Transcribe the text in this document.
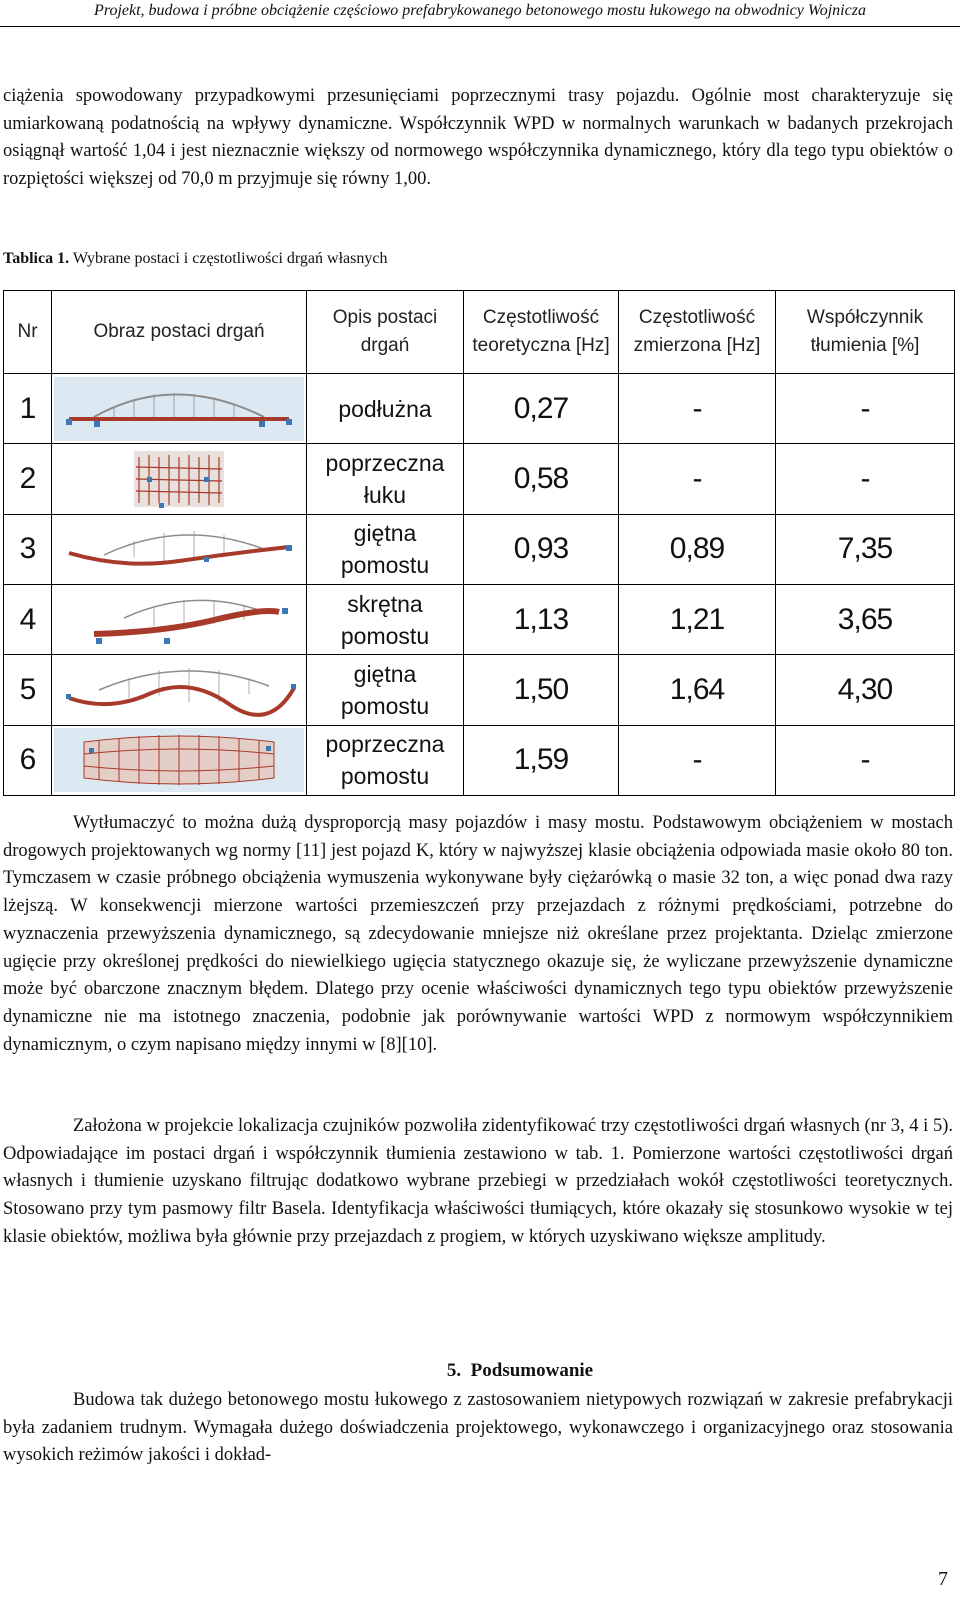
Projekt, budowa i próbne obciążenie częściowo prefabrykowanego betonowego mostu łukowego na obwodnicy Wojnicza

ciążenia spowodowany przypadkowymi przesunięciami poprzecznymi trasy pojazdu. Ogólnie most charakteryzuje się umiarkowaną podatnością na wpływy dynamiczne. Współczynnik WPD w normalnych warunkach w badanych przekrojach osiągnął wartość 1,04 i jest nieznacznie większy od normowego współczynnika dynamicznego, który dla tego typu obiektów o rozpiętości większej od 70,0 m przyjmuje się równy 1,00.

Tablica 1. Wybrane postaci i częstotliwości drgań własnych
Nr	Obraz postaci drgań	Opis postaci drgań	Częstotliwość teoretyczna [Hz]	Częstotliwość zmierzona [Hz]	Współczynnik tłumienia [%]
1		podłużna	0,27	-	-
2		poprzeczna łuku	0,58	-	-
3		giętna pomostu	0,93	0,89	7,35
4		skrętna pomostu	1,13	1,21	3,65
5		giętna pomostu	1,50	1,64	4,30
6		poprzeczna pomostu	1,59	-	-

Wytłumaczyć to można dużą dysproporcją masy pojazdów i masy mostu. Podstawowym obciążeniem w mostach drogowych projektowanych wg normy [11] jest pojazd K, który w najwyższej klasie obciążenia odpowiada masie około 80 ton. Tymczasem w czasie próbnego obciążenia wymuszenia wykonywane były ciężarówką o masie 32 ton, a więc ponad dwa razy lżejszą. W konsekwencji mierzone wartości przemieszczeń przy przejazdach z różnymi prędkościami, potrzebne do wyznaczenia przewyższenia dynamicznego, są zdecydowanie mniejsze niż określane przez projektanta. Dzieląc zmierzone ugięcie przy określonej prędkości do niewielkiego ugięcia statycznego okazuje się, że wyliczane przewyższenie dynamiczne może być obarczone znacznym błędem. Dlatego przy ocenie właściwości dynamicznych tego typu obiektów przewyższenie dynamiczne nie ma istotnego znaczenia, podobnie jak porównywanie wartości WPD z normowym współczynnikiem dynamicznym, o czym napisano między innymi w [8][10].

Założona w projekcie lokalizacja czujników pozwoliła zidentyfikować trzy częstotliwości drgań własnych (nr 3, 4 i 5). Odpowiadające im postaci drgań i współczynnik tłumienia zestawiono w tab. 1. Pomierzone wartości częstotliwości drgań własnych i tłumienie uzyskano filtrując dodatkowo wybrane przebiegi w przedziałach wokół częstotliwości teoretycznych. Stosowano przy tym pasmowy filtr Basela. Identyfikacja właściwości tłumiących, które okazały się stosunkowo wysokie w tej klasie obiektów, możliwa była głównie przy przejazdach z progiem, w których uzyskiwano większe amplitudy.

5. Podsumowanie

Budowa tak dużego betonowego mostu łukowego z zastosowaniem nietypowych rozwiązań w zakresie prefabrykacji była zadaniem trudnym. Wymagała dużego doświadczenia projektowego, wykonawczego i organizacyjnego oraz stosowania wysokich reżimów jakości i dokład-

7
